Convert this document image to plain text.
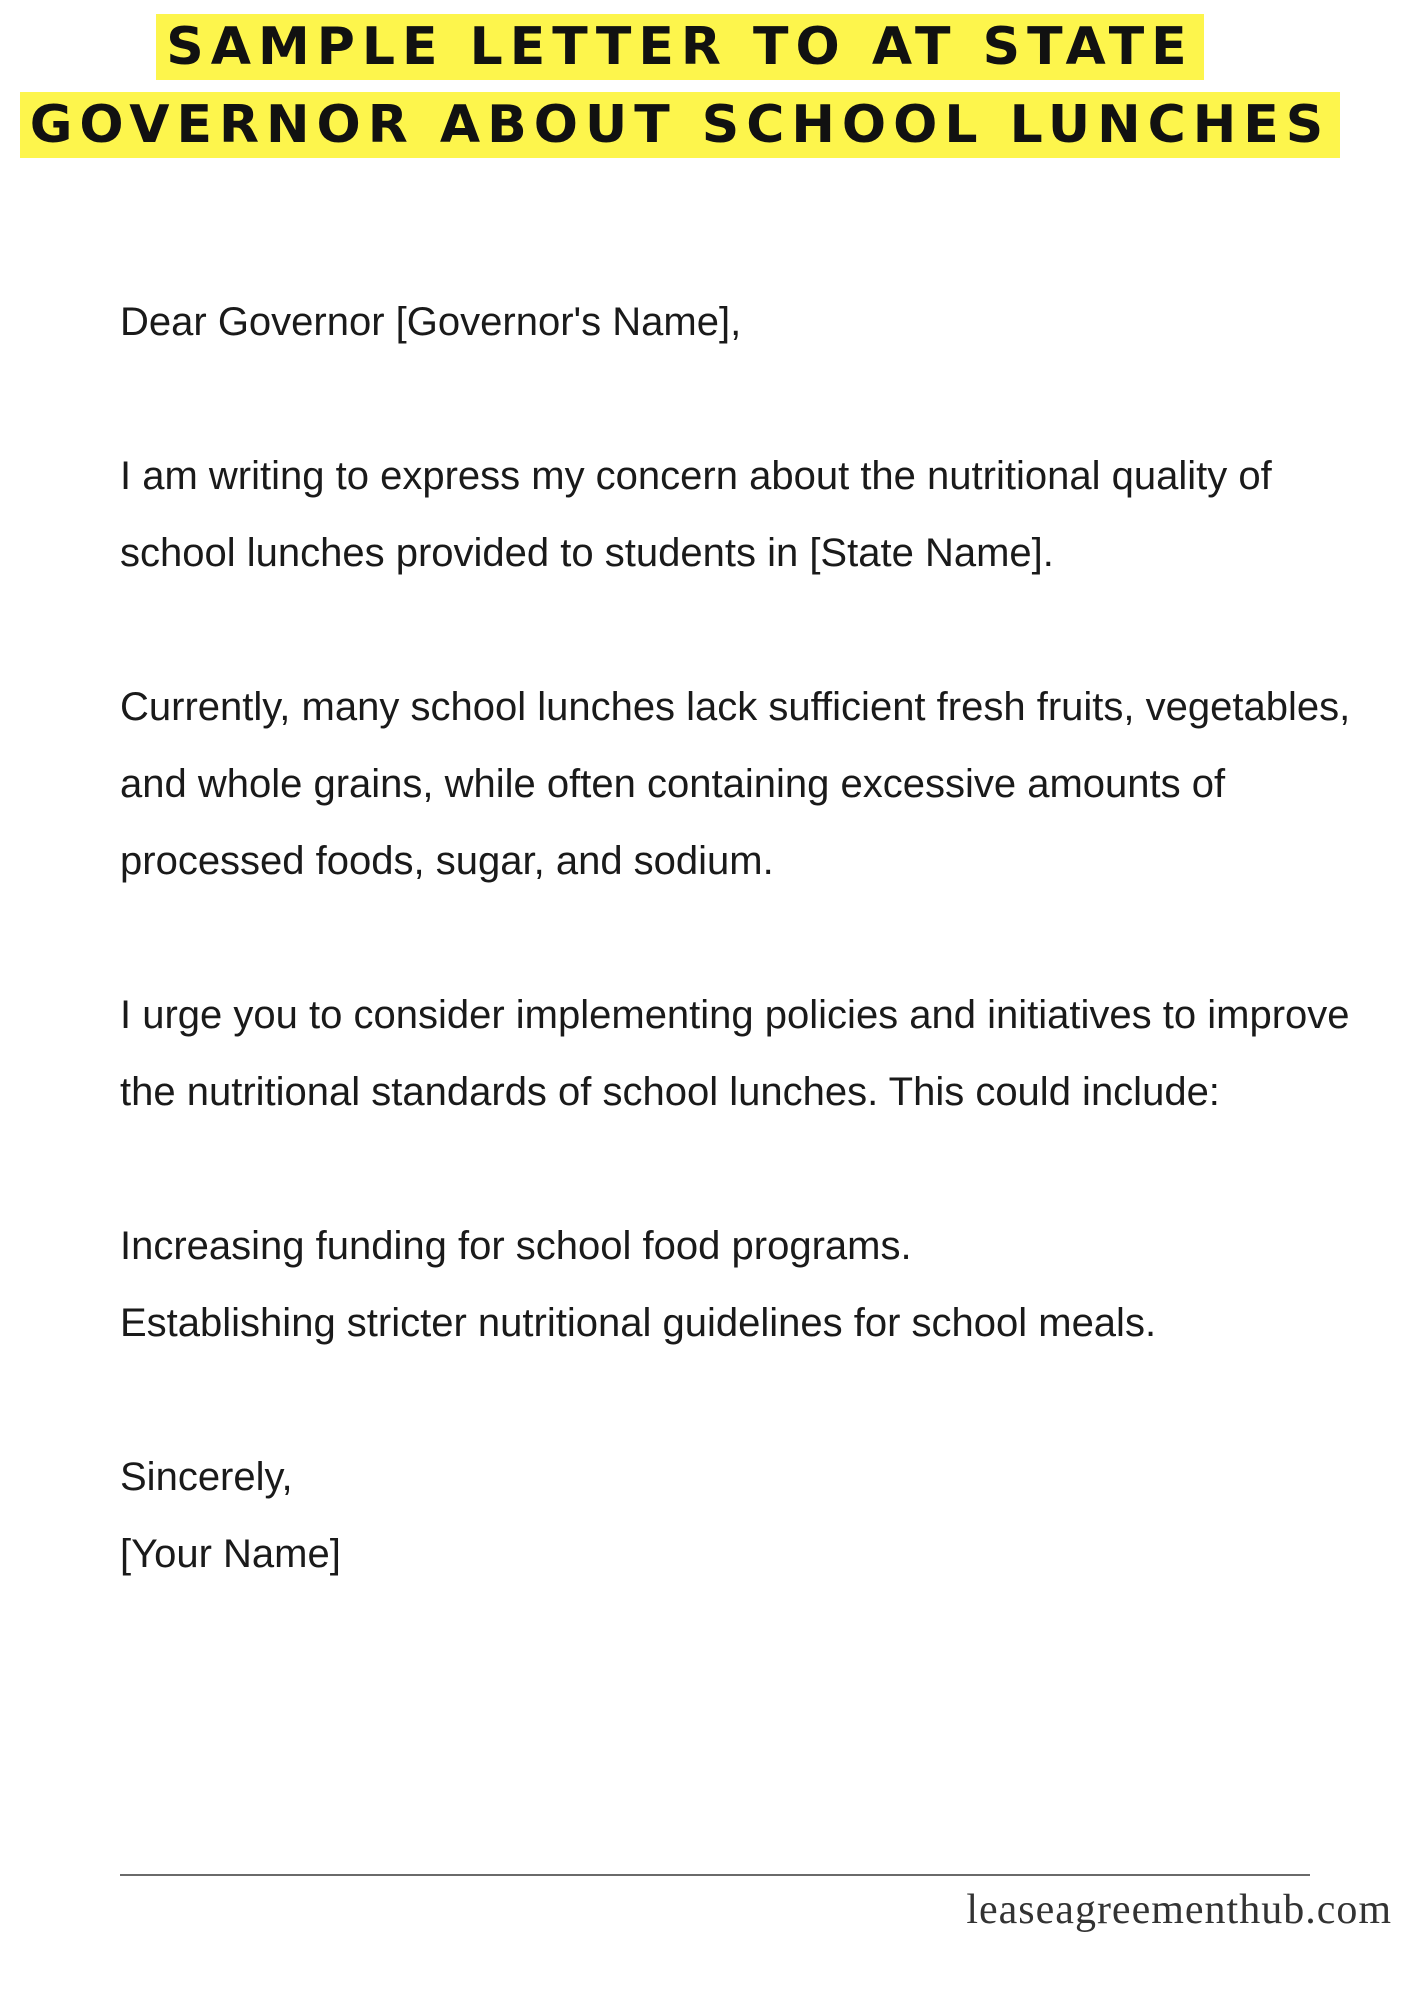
SAMPLE LETTER TO AT STATE GOVERNOR ABOUT SCHOOL LUNCHES

Dear Governor [Governor's Name],

I am writing to express my concern about the nutritional quality of school lunches provided to students in [State Name].

Currently, many school lunches lack sufficient fresh fruits, vegetables, and whole grains, while often containing excessive amounts of processed foods, sugar, and sodium.

I urge you to consider implementing policies and initiatives to improve the nutritional standards of school lunches. This could include:

Increasing funding for school food programs.

Establishing stricter nutritional guidelines for school meals.

Sincerely,

[Your Name]

leaseagreementhub.com
